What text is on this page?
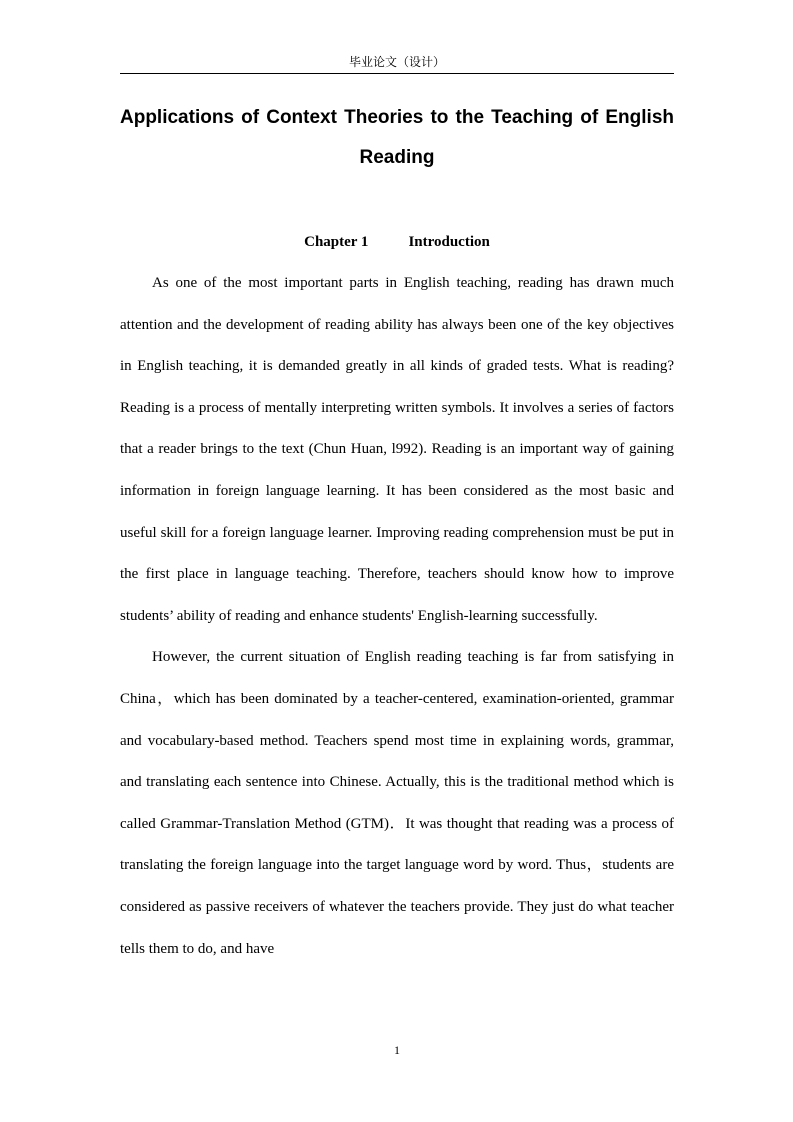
毕业论文（设计）
Applications of Context Theories to the Teaching of English
Reading
Chapter 1	Introduction

As one of the most important parts in English teaching, reading has drawn much attention and the development of reading ability has always been one of the key objectives in English teaching, it is demanded greatly in all kinds of graded tests. What is reading? Reading is a process of mentally interpreting written symbols. It involves a series of factors that a reader brings to the text (Chun Huan, l992). Reading is an important way of gaining information in foreign language learning. It has been considered as the most basic and useful skill for a foreign language learner. Improving reading comprehension must be put in the first place in language teaching. Therefore, teachers should know how to improve students’ ability of reading and enhance students' English-learning successfully.

However, the current situation of English reading teaching is far from satisfying in China，which has been dominated by a teacher-centered, examination-oriented, grammar and vocabulary-based method. Teachers spend most time in explaining words, grammar, and translating each sentence into Chinese. Actually, this is the traditional method which is called Grammar-Translation Method (GTM)．It was thought that reading was a process of translating the foreign language into the target language word by word. Thus，students are considered as passive receivers of whatever the teachers provide. They just do what teacher tells them to do, and have

1
